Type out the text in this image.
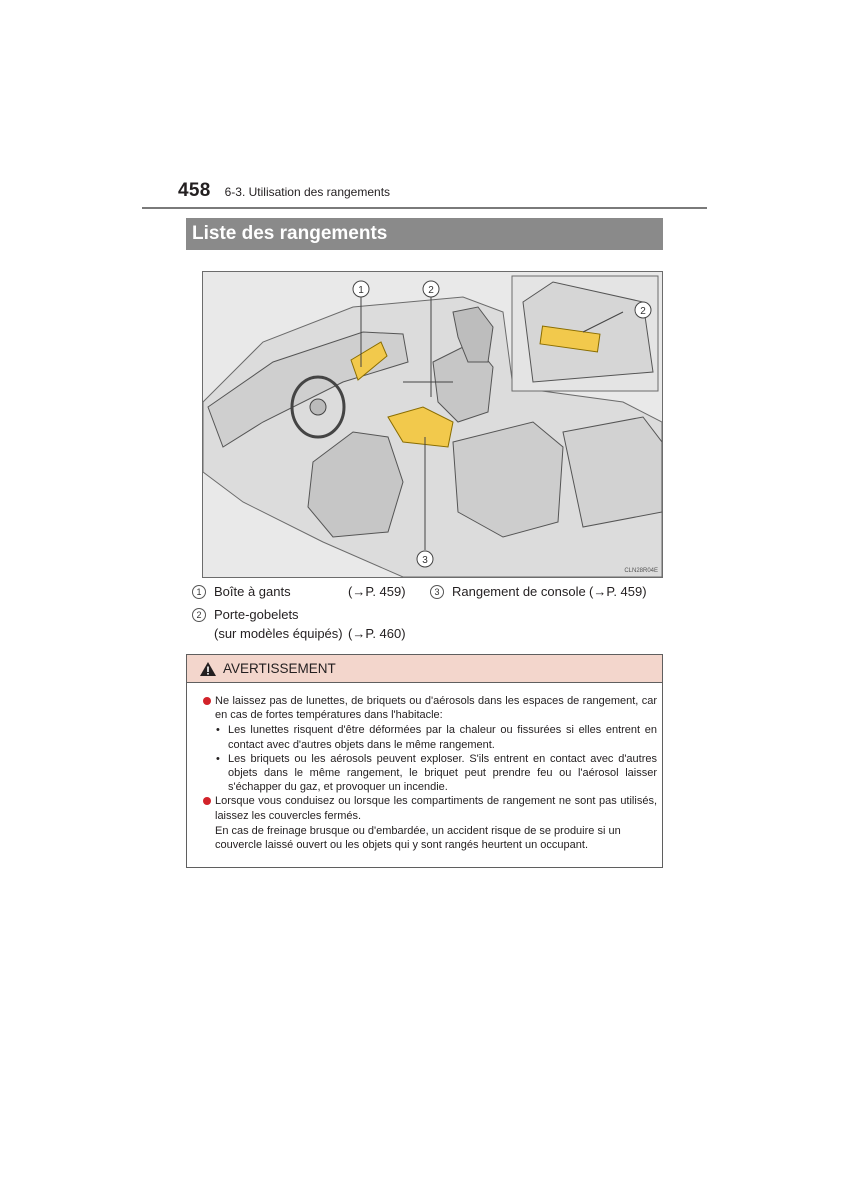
458 6-3. Utilisation des rangements
Liste des rangements
1	2
2
3
CLN28R04E
1 Boîte à gants	(→P. 459)	3 Rangement de console (→P. 459)
2 Porte-gobelets
(sur modèles équipés) (→P. 460)
AVERTISSEMENT
Ne laissez pas de lunettes, de briquets ou d'aérosols dans les espaces de rangement, car en cas de fortes températures dans l'habitacle:
• Les lunettes risquent d'être déformées par la chaleur ou fissurées si elles entrent en contact avec d'autres objets dans le même rangement.
• Les briquets ou les aérosols peuvent exploser. S'ils entrent en contact avec d'autres objets dans le même rangement, le briquet peut prendre feu ou l'aérosol laisser s'échapper du gaz, et provoquer un incendie.
Lorsque vous conduisez ou lorsque les compartiments de rangement ne sont pas utilisés, laissez les couvercles fermés.
En cas de freinage brusque ou d'embardée, un accident risque de se produire si un couvercle laissé ouvert ou les objets qui y sont rangés heurtent un occupant.
